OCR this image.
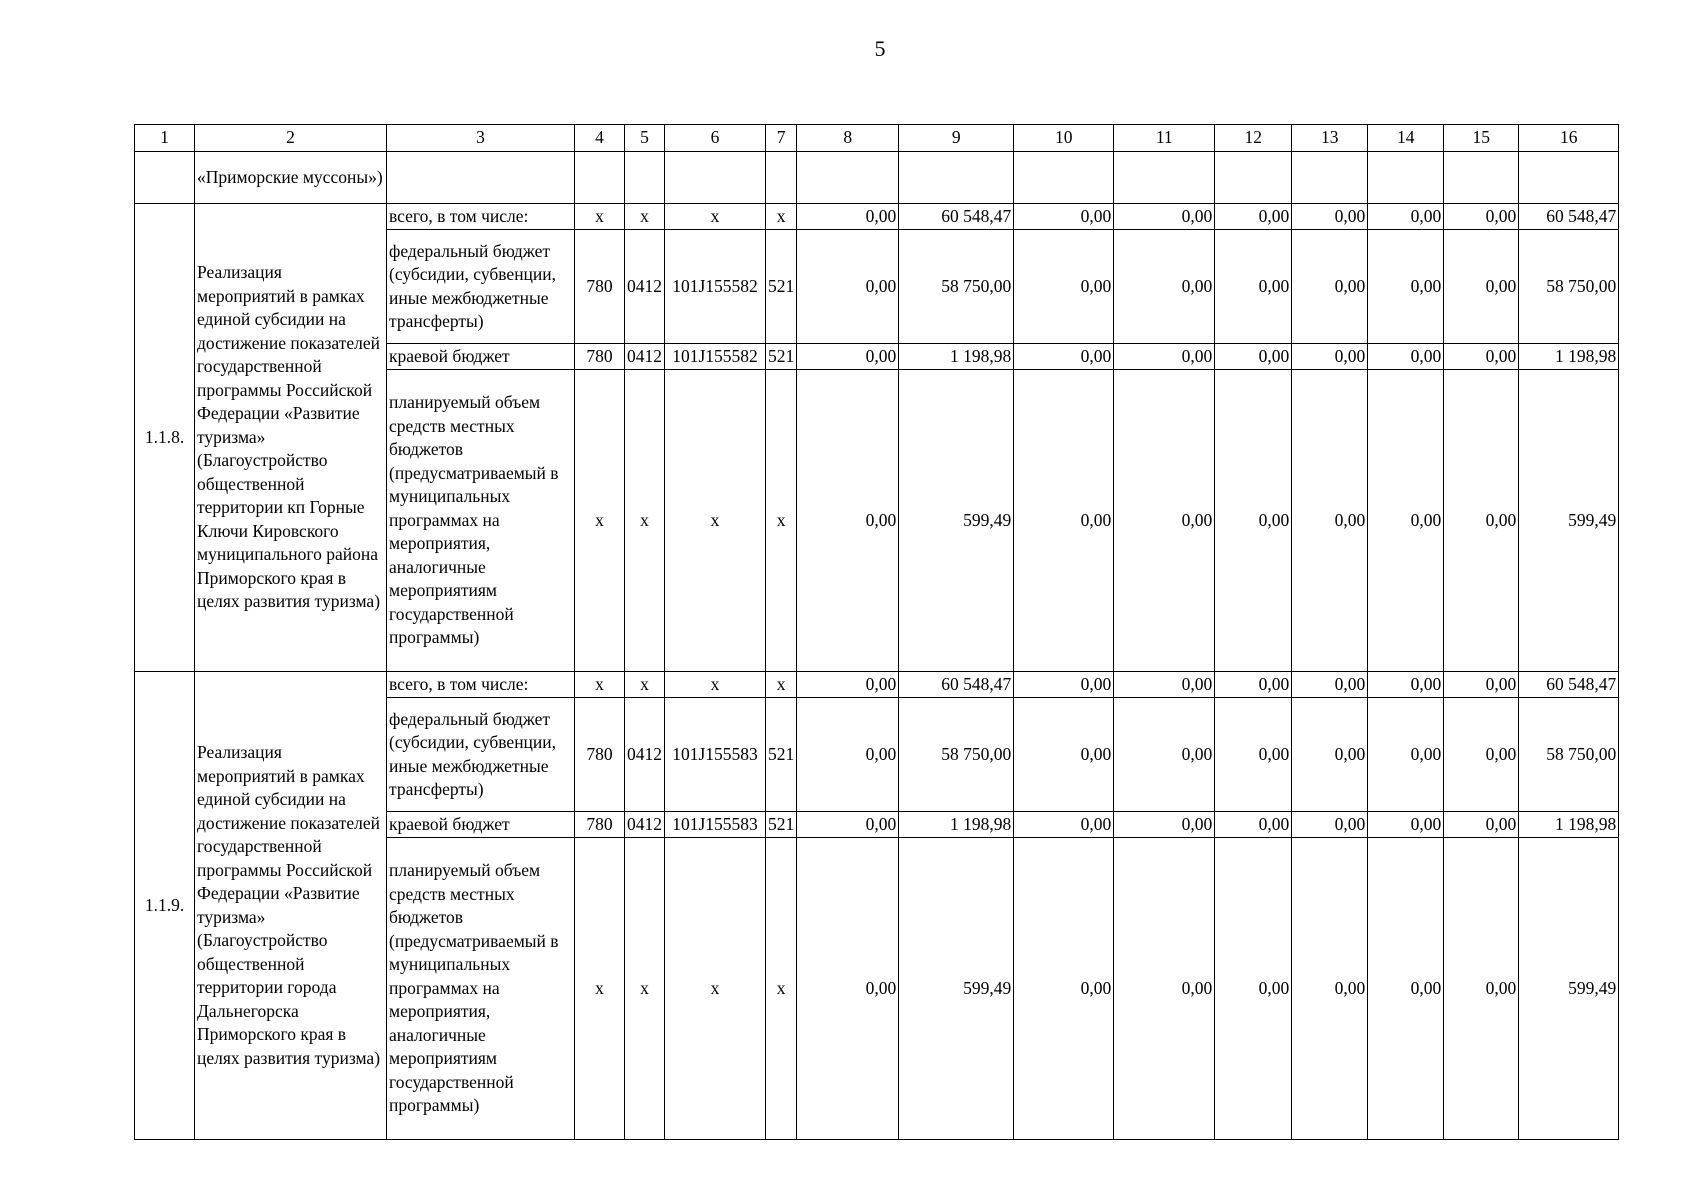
5
1	2	3	4	5	6	7	8	9	10	11	12	13	14	15	16
	«Приморские муссоны»)														
1.1.8.	Реализация мероприятий в рамках единой субсидии на достижение показателей государственной программы Российской Федерации «Развитие туризма» (Благоустройство общественной территории кп Горные Ключи Кировского муниципального района Приморского края в целях развития туризма)	всего, в том числе:	х	х	х	х	0,00	60 548,47	0,00	0,00	0,00	0,00	0,00	0,00	60 548,47
		федеральный бюджет (субсидии, субвенции, иные межбюджетные трансферты)	780	0412	101J155582	521	0,00	58 750,00	0,00	0,00	0,00	0,00	0,00	0,00	58 750,00
		краевой бюджет	780	0412	101J155582	521	0,00	1 198,98	0,00	0,00	0,00	0,00	0,00	0,00	1 198,98
		планируемый объем средств местных бюджетов (предусматриваемый в муниципальных программах на мероприятия, аналогичные мероприятиям государственной программы)	х	х	х	х	0,00	599,49	0,00	0,00	0,00	0,00	0,00	0,00	599,49
1.1.9.	Реализация мероприятий в рамках единой субсидии на достижение показателей государственной программы Российской Федерации «Развитие туризма» (Благоустройство общественной территории города Дальнегорска Приморского края в целях развития туризма)	всего, в том числе:	х	х	х	х	0,00	60 548,47	0,00	0,00	0,00	0,00	0,00	0,00	60 548,47
		федеральный бюджет (субсидии, субвенции, иные межбюджетные трансферты)	780	0412	101J155583	521	0,00	58 750,00	0,00	0,00	0,00	0,00	0,00	0,00	58 750,00
		краевой бюджет	780	0412	101J155583	521	0,00	1 198,98	0,00	0,00	0,00	0,00	0,00	0,00	1 198,98
		планируемый объем средств местных бюджетов (предусматриваемый в муниципальных программах на мероприятия, аналогичные мероприятиям государственной программы)	х	х	х	х	0,00	599,49	0,00	0,00	0,00	0,00	0,00	0,00	599,49
